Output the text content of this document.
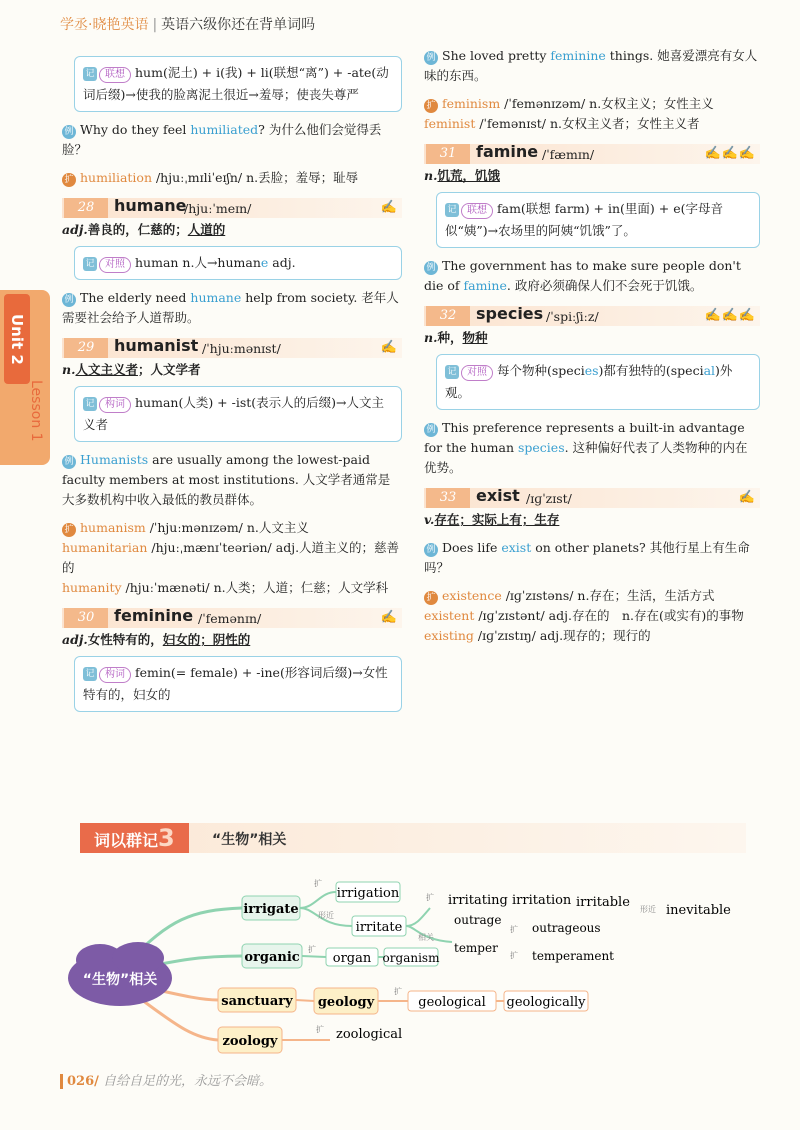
学丞·晓艳英语 | 英语六级你还在背单词吗
Unit 2
Lesson 1
记 联想 hum(泥土) + i(我) + li(联想“离”) + -ate(动词后缀)→使我的脸离泥土很近→羞辱；使丧失尊严
例 Why do they feel humiliated? 为什么他们会觉得丢脸？
扩 humiliation /hjuːˌmɪliˈeɪʃn/ n.丢脸；羞辱；耻辱
28	humane
/hjuːˈmeɪn/	✍
adj.善良的，仁慈的；人道的
记 对照 human n.人→humane adj.
例 The elderly need humane help from society. 老年人需要社会给予人道帮助。
29	humanist /ˈhjuːmənɪst/	✍
n.人文主义者；人文学者
记 构词 human(人类) + -ist(表示人的后缀)→人文主义者
例 Humanists are usually among the lowest-paid faculty members at most institutions. 人文学者通常是大多数机构中收入最低的教员群体。
扩 humanism /ˈhjuːmənɪzəm/ n.人文主义
humanitarian /hjuːˌmænɪˈteəriən/ adj.人道主义的；慈善的
humanity /hjuːˈmænəti/ n.人类；人道；仁慈；人文学科
30	feminine /ˈfemənɪn/	✍
adj.女性特有的，妇女的；阴性的
记 构词 femin(= female) + -ine(形容词后缀)→女性特有的，妇女的
例 She loved pretty feminine things. 她喜爱漂亮有女人味的东西。
扩 feminism /ˈfemənɪzəm/ n.女权主义；女性主义
feminist /ˈfemənɪst/ n.女权主义者；女性主义者
31	famine /ˈfæmɪn/	✍✍✍
n.饥荒，饥饿
记 联想 fam(联想 farm) + in(里面) + e(字母音似“姨”)→农场里的阿姨“饥饿”了。
例 The government has to make sure people don't die of famine. 政府必须确保人们不会死于饥饿。
32	species /ˈspiːʃiːz/	✍✍✍
n.种，物种
记 对照 每个物种(species)都有独特的(special)外观。
例 This preference represents a built-in advantage for the human species. 这种偏好代表了人类物种的内在优势。
33	exist /ɪɡˈzɪst/	✍
v.存在；实际上有；生存
例 Does life exist on other planets? 其他行星上有生命吗？
扩 existence /ɪɡˈzɪstəns/ n.存在；生活，生活方式
existent /ɪɡˈzɪstənt/ adj.存在的　n.存在(或实有)的事物
existing /ɪɡˈzɪstɪŋ/ adj.现存的；现行的
词以群记3	“生物”相关
“生物”相关
irrigate
irrigation
irritate
irritating irritation irritable
inevitable
outrage
outrageous
temper
temperament
organic	organ organism
sanctuary geology	geological geologically
zoology	zoological
扩
形近
扩
形近
相关
扩
扩
扩
扩
扩
026/ 自给自足的光，永远不会暗。
